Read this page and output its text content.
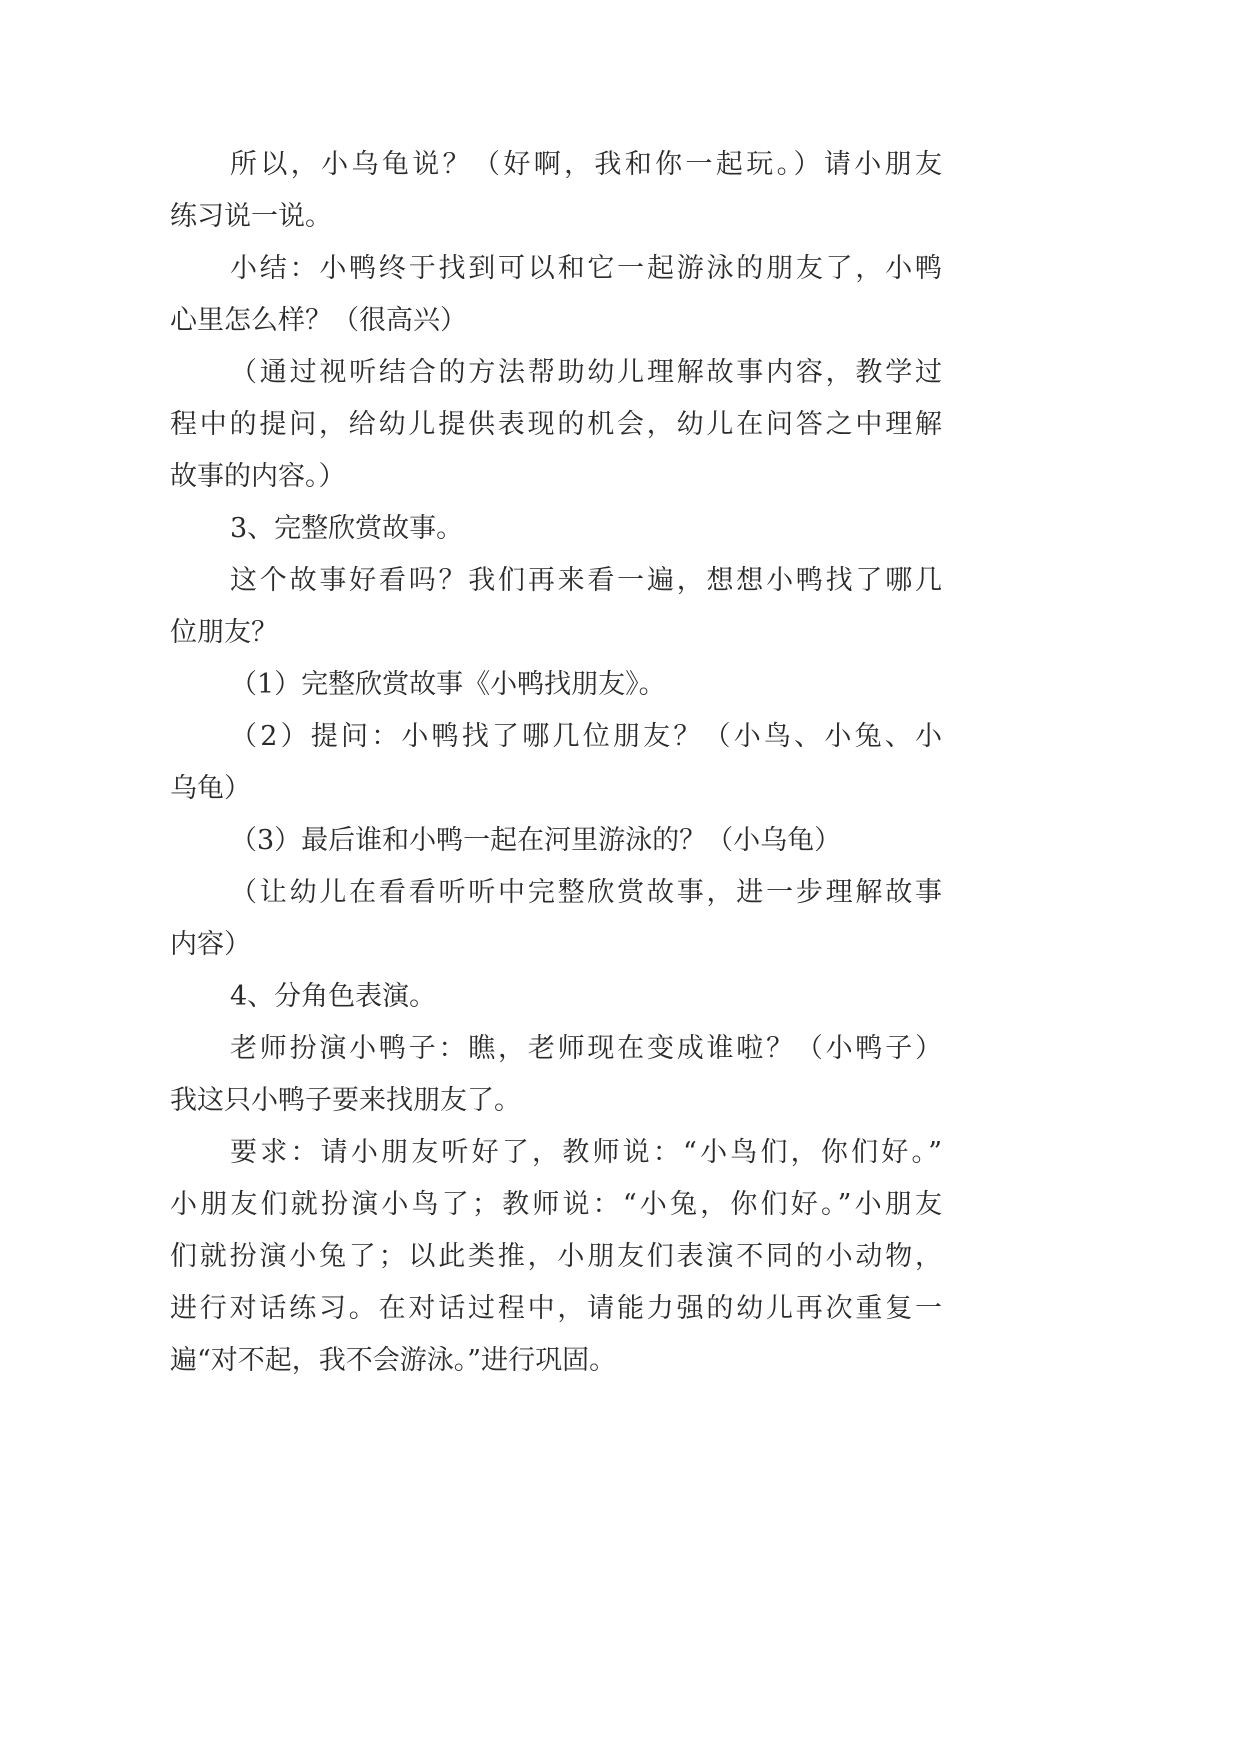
所以，小乌龟说？（好啊，我和你一起玩。）请小朋友
练习说一说。
小结：小鸭终于找到可以和它一起游泳的朋友了，小鸭
心里怎么样？（很高兴）
（通过视听结合的方法帮助幼儿理解故事内容，教学过
程中的提问，给幼儿提供表现的机会，幼儿在问答之中理解
故事的内容。）
3、完整欣赏故事。
这个故事好看吗？我们再来看一遍，想想小鸭找了哪几
位朋友？
（1）完整欣赏故事《小鸭找朋友》。
（2）提问：小鸭找了哪几位朋友？（小鸟、小兔、小
乌龟）
（3）最后谁和小鸭一起在河里游泳的？（小乌龟）
（让幼儿在看看听听中完整欣赏故事，进一步理解故事
内容）
4、分角色表演。
老师扮演小鸭子：瞧，老师现在变成谁啦？（小鸭子）
我这只小鸭子要来找朋友了。
要求：请小朋友听好了，教师说：“小鸟们，你们好。”
小朋友们就扮演小鸟了；教师说：“小兔，你们好。”小朋友
们就扮演小兔了；以此类推，小朋友们表演不同的小动物，
进行对话练习。在对话过程中，请能力强的幼儿再次重复一
遍“对不起，我不会游泳。”进行巩固。
